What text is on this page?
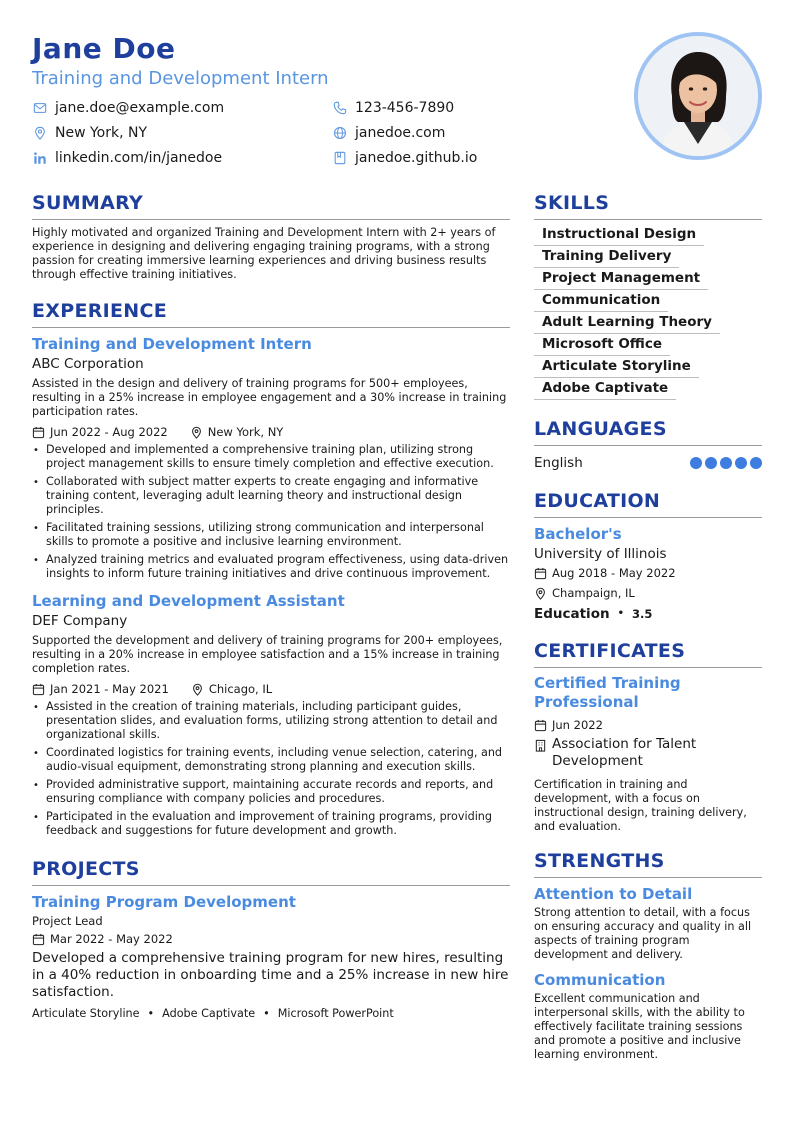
Jane Doe
Training and Development Intern
jane.doe@example.com	123-456-7890
New York, NY	janedoe.com
linkedin.com/in/janedoe	janedoe.github.io
SUMMARY
Highly motivated and organized Training and Development Intern with 2+ years of experience in designing and delivering engaging training programs, with a strong passion for creating immersive learning experiences and driving business results through effective training initiatives.
EXPERIENCE
Training and Development Intern
ABC Corporation
Assisted in the design and delivery of training programs for 500+ employees, resulting in a 25% increase in employee engagement and a 30% increase in training participation rates.
Jun 2022 - Aug 2022	New York, NY
• Developed and implemented a comprehensive training plan, utilizing strong project management skills to ensure timely completion and effective execution.
• Collaborated with subject matter experts to create engaging and informative training content, leveraging adult learning theory and instructional design principles.
• Facilitated training sessions, utilizing strong communication and interpersonal skills to promote a positive and inclusive learning environment.
• Analyzed training metrics and evaluated program effectiveness, using data-driven insights to inform future training initiatives and drive continuous improvement.
Learning and Development Assistant
DEF Company
Supported the development and delivery of training programs for 200+ employees, resulting in a 20% increase in employee satisfaction and a 15% increase in training completion rates.
Jan 2021 - May 2021	Chicago, IL
• Assisted in the creation of training materials, including participant guides, presentation slides, and evaluation forms, utilizing strong attention to detail and organizational skills.
• Coordinated logistics for training events, including venue selection, catering, and audio-visual equipment, demonstrating strong planning and execution skills.
• Provided administrative support, maintaining accurate records and reports, and ensuring compliance with company policies and procedures.
• Participated in the evaluation and improvement of training programs, providing feedback and suggestions for future development and growth.
PROJECTS
Training Program Development
Project Lead
Mar 2022 - May 2022
Developed a comprehensive training program for new hires, resulting in a 40% reduction in onboarding time and a 25% increase in new hire satisfaction.
Articulate Storyline • Adobe Captivate • Microsoft PowerPoint
SKILLS
Instructional Design
Training Delivery
Project Management
Communication
Adult Learning Theory
Microsoft Office
Articulate Storyline
Adobe Captivate
LANGUAGES
English
EDUCATION
Bachelor's
University of Illinois
Aug 2018 - May 2022
Champaign, IL
Education • 3.5
CERTIFICATES
Certified Training Professional
Jun 2022
Association for Talent Development
Certification in training and development, with a focus on instructional design, training delivery, and evaluation.
STRENGTHS
Attention to Detail
Strong attention to detail, with a focus on ensuring accuracy and quality in all aspects of training program development and delivery.
Communication
Excellent communication and interpersonal skills, with the ability to effectively facilitate training sessions and promote a positive and inclusive learning environment.
